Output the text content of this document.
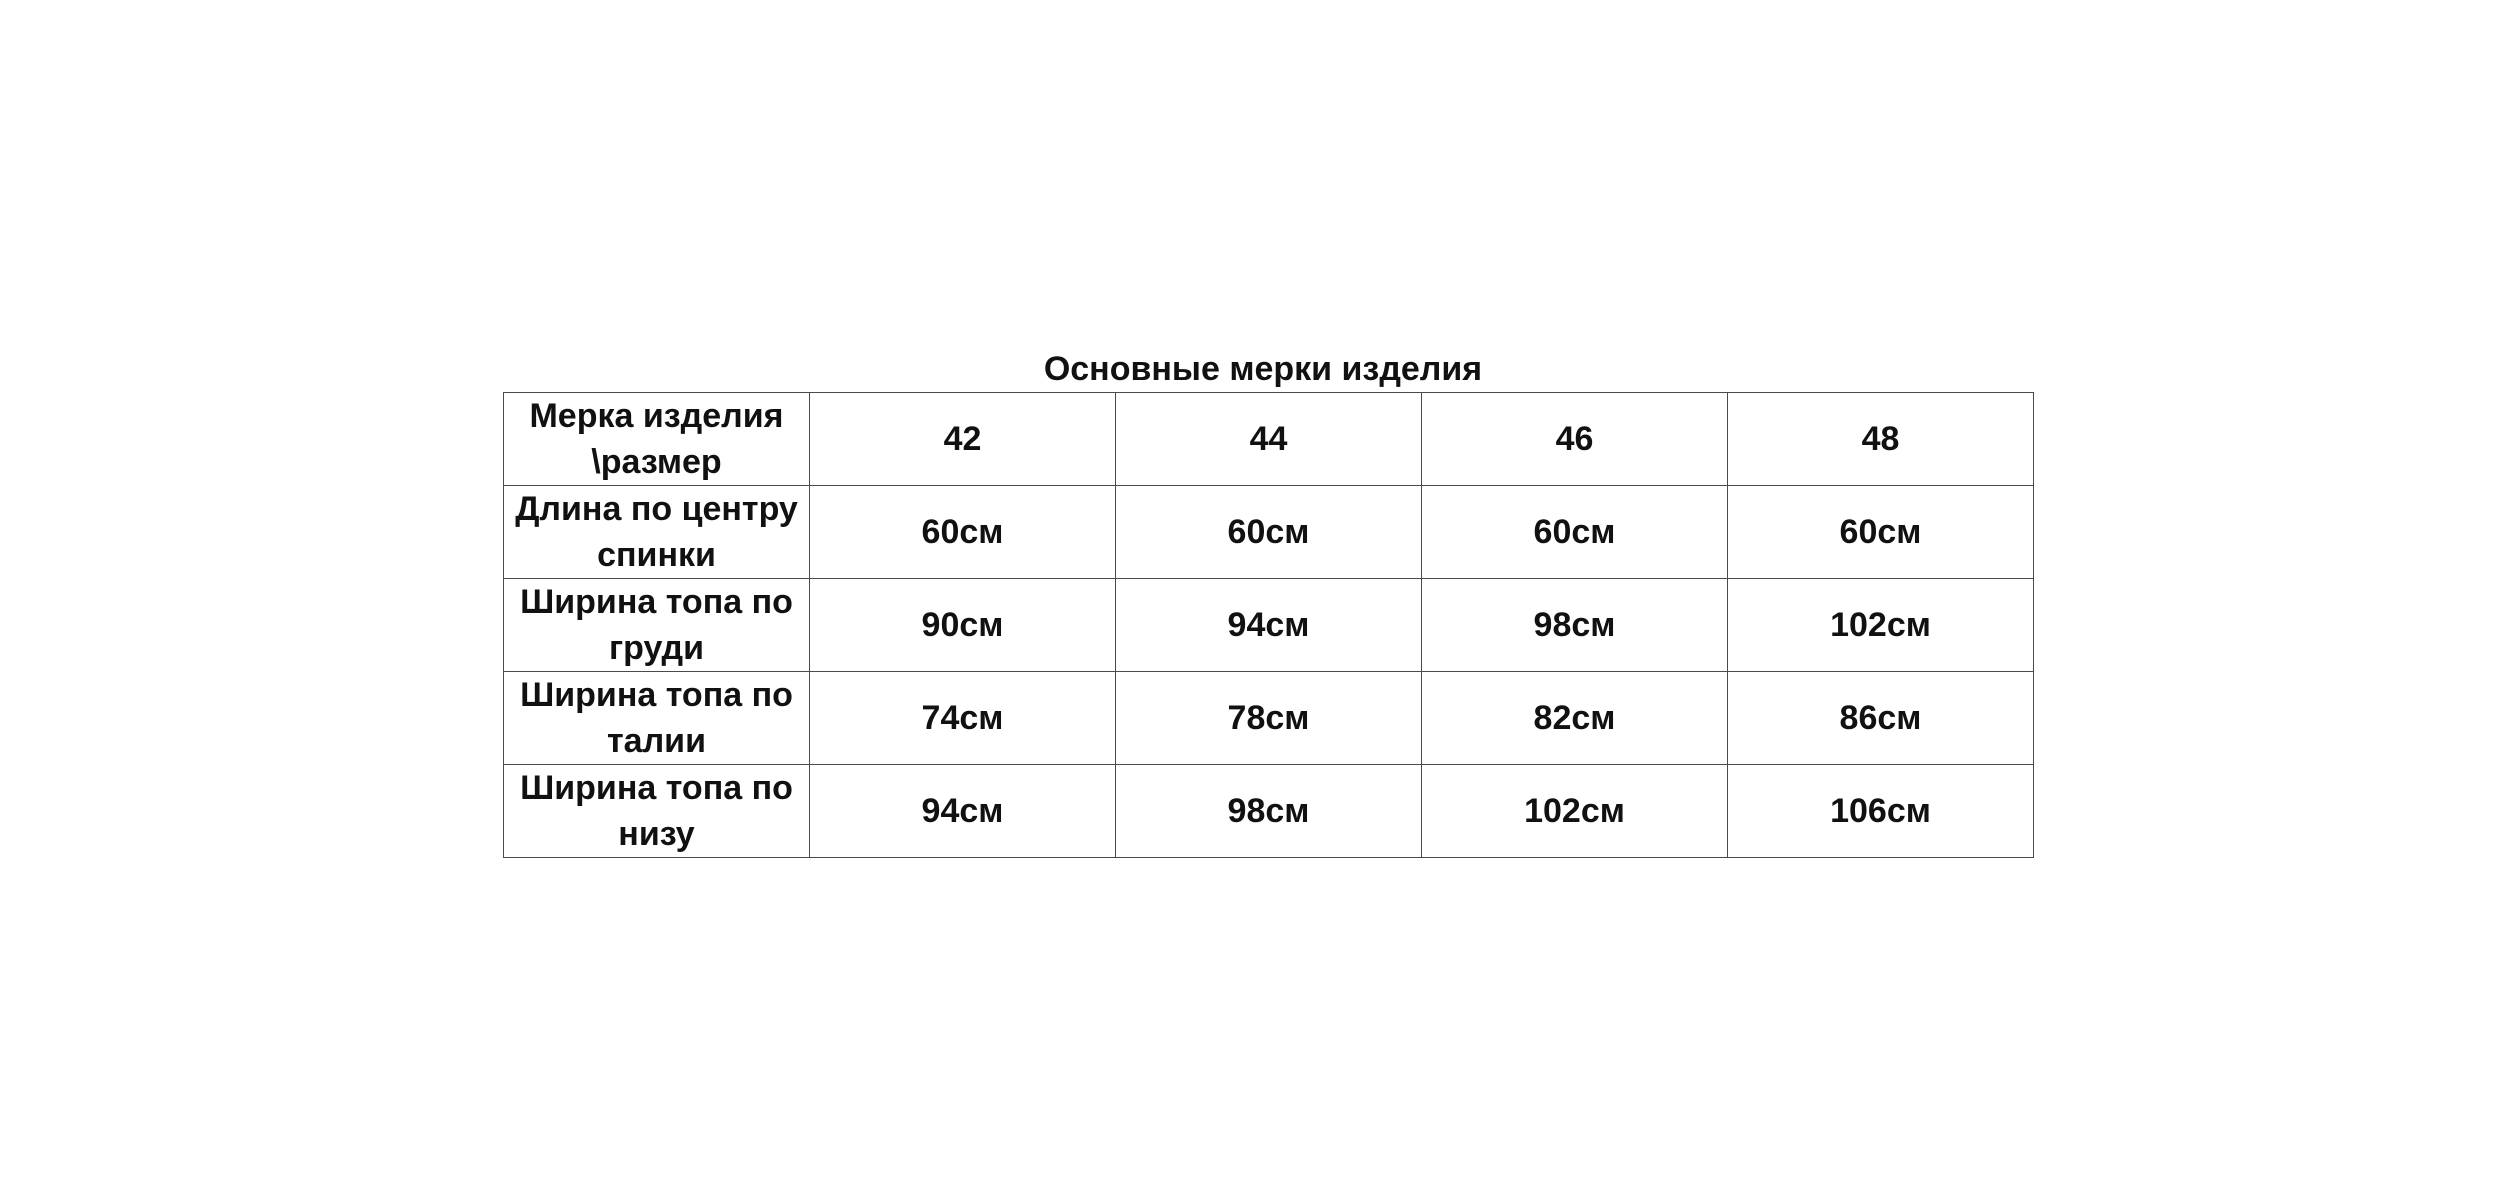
Основные мерки изделия
Мерка изделия \размер	42	44	46	48
Длина по центру спинки	60см	60см	60см	60см
Ширина топа по груди	90см	94см	98см	102см
Ширина топа по талии	74см	78см	82см	86см
Ширина топа по низу	94см	98см	102см	106см
